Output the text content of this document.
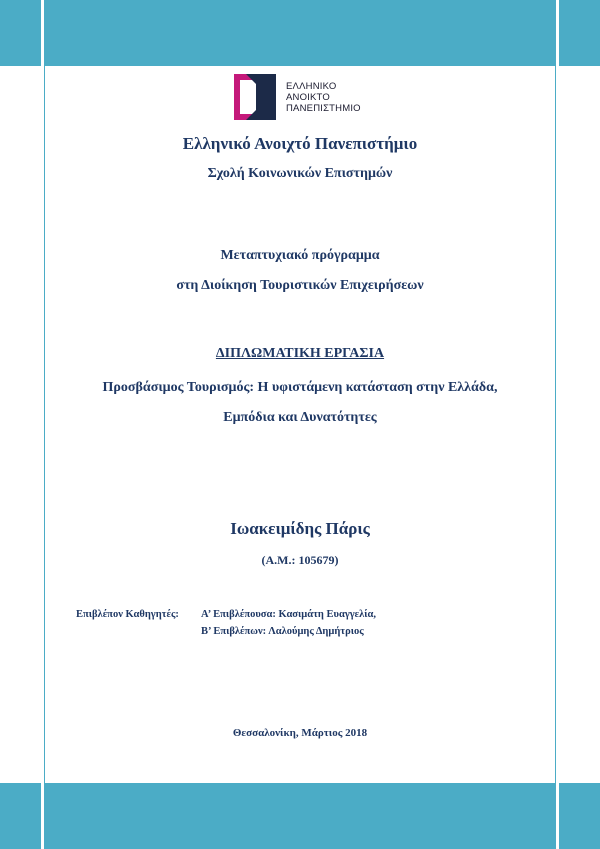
ΕΛΛΗΝΙΚΟ
ΑΝΟΙΚΤΟ
ΠΑΝΕΠΙΣΤΗΜΙΟ
Ελληνικό Ανοιχτό Πανεπιστήμιο
Σχολή Κοινωνικών Επιστημών
Μεταπτυχιακό πρόγραμμα
στη Διοίκηση Τουριστικών Επιχειρήσεων
ΔΙΠΛΩΜΑΤΙΚΗ ΕΡΓΑΣΙΑ
Προσβάσιμος Τουρισμός: Η υφιστάμενη κατάσταση στην Ελλάδα,
Εμπόδια και Δυνατότητες
Ιωακειμίδης Πάρις
(Α.Μ.: 105679)
Επιβλέπον Καθηγητές: Α’ Επιβλέπουσα: Κασιμάτη Ευαγγελία,
Β’ Επιβλέπων: Λαλούμης Δημήτριος
Θεσσαλονίκη, Μάρτιος 2018
